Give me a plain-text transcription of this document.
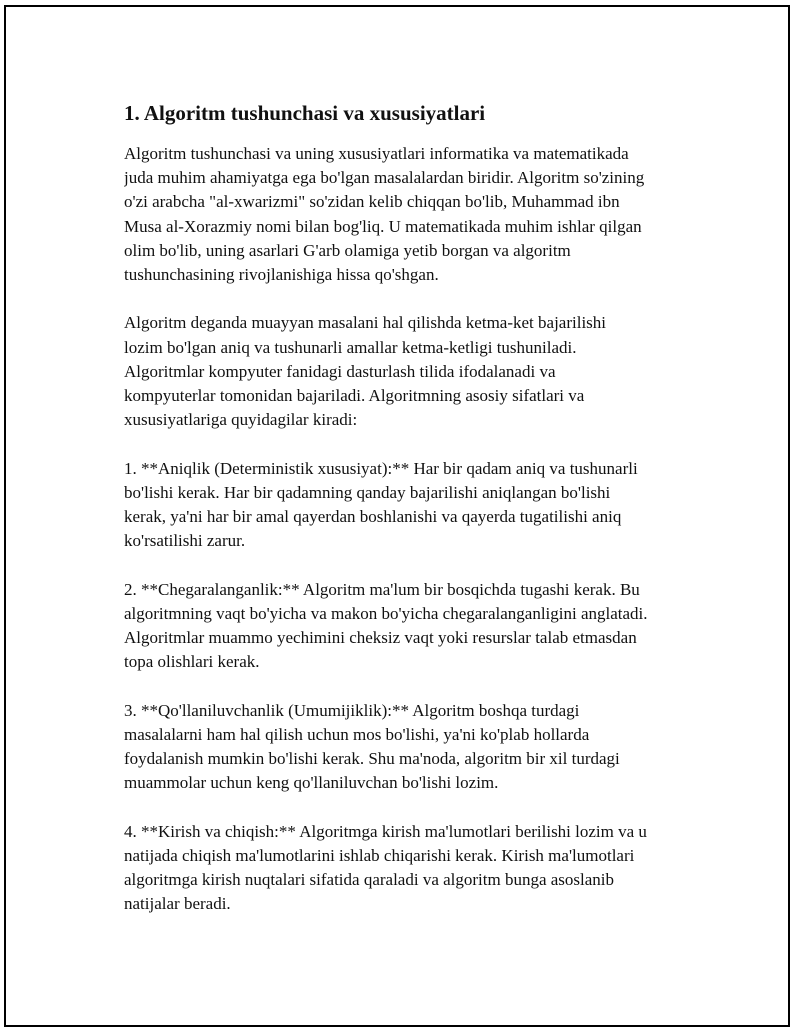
1. Algoritm tushunchasi va xususiyatlari

Algoritm tushunchasi va uning xususiyatlari informatika va matematikada
juda muhim ahamiyatga ega bo'lgan masalalardan biridir. Algoritm so'zining
o'zi arabcha "al-xwarizmi" so'zidan kelib chiqqan bo'lib, Muhammad ibn
Musa al-Xorazmiy nomi bilan bog'liq. U matematikada muhim ishlar qilgan
olim bo'lib, uning asarlari G'arb olamiga yetib borgan va algoritm
tushunchasining rivojlanishiga hissa qo'shgan.

Algoritm deganda muayyan masalani hal qilishda ketma-ket bajarilishi
lozim bo'lgan aniq va tushunarli amallar ketma-ketligi tushuniladi.
Algoritmlar kompyuter fanidagi dasturlash tilida ifodalanadi va
kompyuterlar tomonidan bajariladi. Algoritmning asosiy sifatlari va
xususiyatlariga quyidagilar kiradi:

1. **Aniqlik (Deterministik xususiyat):** Har bir qadam aniq va tushunarli
bo'lishi kerak. Har bir qadamning qanday bajarilishi aniqlangan bo'lishi
kerak, ya'ni har bir amal qayerdan boshlanishi va qayerda tugatilishi aniq
ko'rsatilishi zarur.

2. **Chegaralanganlik:** Algoritm ma'lum bir bosqichda tugashi kerak. Bu
algoritmning vaqt bo'yicha va makon bo'yicha chegaralanganligini anglatadi.
Algoritmlar muammo yechimini cheksiz vaqt yoki resurslar talab etmasdan
topa olishlari kerak.

3. **Qo'llaniluvchanlik (Umumijiklik):** Algoritm boshqa turdagi
masalalarni ham hal qilish uchun mos bo'lishi, ya'ni ko'plab hollarda
foydalanish mumkin bo'lishi kerak. Shu ma'noda, algoritm bir xil turdagi
muammolar uchun keng qo'llaniluvchan bo'lishi lozim.

4. **Kirish va chiqish:** Algoritmga kirish ma'lumotlari berilishi lozim va u
natijada chiqish ma'lumotlarini ishlab chiqarishi kerak. Kirish ma'lumotlari
algoritmga kirish nuqtalari sifatida qaraladi va algoritm bunga asoslanib
natijalar beradi.
